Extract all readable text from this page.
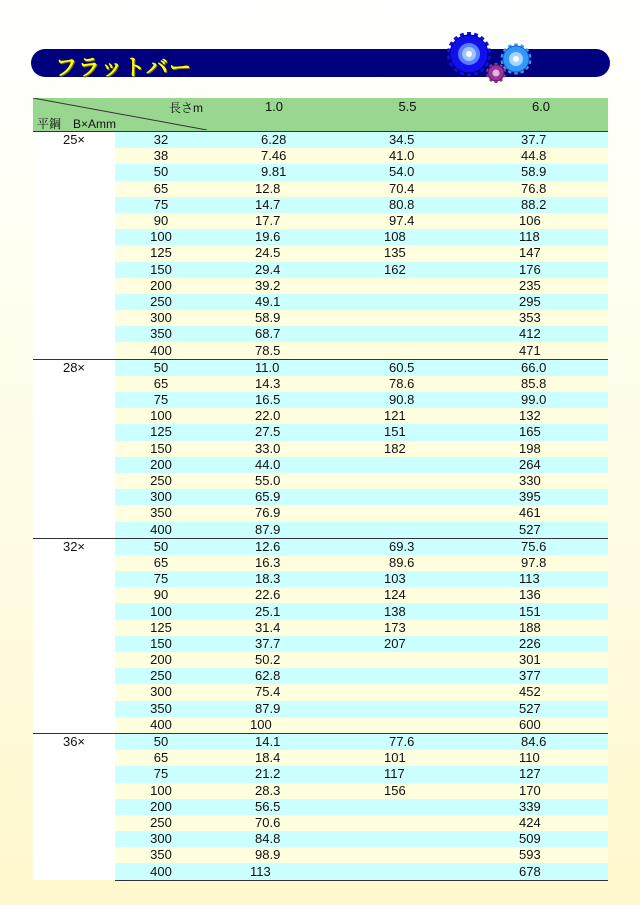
フラットバー
長さm
平鋼　B×Amm		1.0	5.5	6.0
25×	32	6.28	34.5	37.7
	38	7.46	41.0	44.8
	50	9.81	54.0	58.9
	65	12.8	70.4	76.8
	75	14.7	80.8	88.2
	90	17.7	97.4	106
	100	19.6	108	118
	125	24.5	135	147
	150	29.4	162	176
	200	39.2		235
	250	49.1		295
	300	58.9		353
	350	68.7		412
	400	78.5		471
28×	50	11.0	60.5	66.0
	65	14.3	78.6	85.8
	75	16.5	90.8	99.0
	100	22.0	121	132
	125	27.5	151	165
	150	33.0	182	198
	200	44.0		264
	250	55.0		330
	300	65.9		395
	350	76.9		461
	400	87.9		527
32×	50	12.6	69.3	75.6
	65	16.3	89.6	97.8
	75	18.3	103	113
	90	22.6	124	136
	100	25.1	138	151
	125	31.4	173	188
	150	37.7	207	226
	200	50.2		301
	250	62.8		377
	300	75.4		452
	350	87.9		527
	400	100		600
36×	50	14.1	77.6	84.6
	65	18.4	101	110
	75	21.2	117	127
	100	28.3	156	170
	200	56.5		339
	250	70.6		424
	300	84.8		509
	350	98.9		593
	400	113		678
